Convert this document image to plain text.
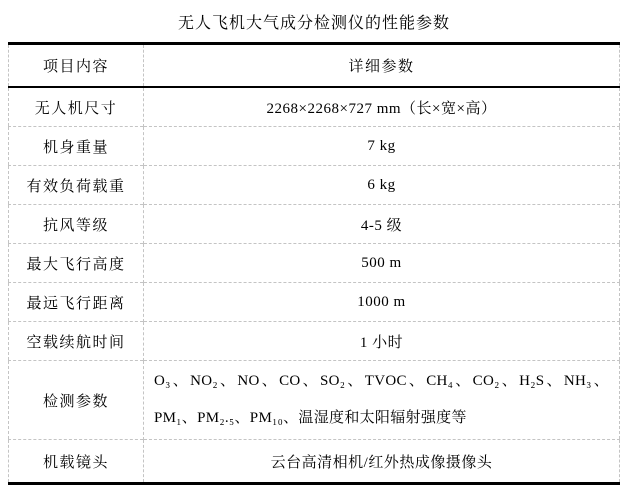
无人飞机大气成分检测仪的性能参数
项目内容	详细参数
无人机尺寸	2268×2268×727 mm（长×宽×高）
机身重量	7 kg
有效负荷载重	6 kg
抗风等级	4-5 级
最大飞行高度	500 m
最远飞行距离	1000 m
空载续航时间	1 小时
检测参数	O₃、NO₂、NO、CO、SO₂、TVOC、CH₄、CO₂、H₂S、NH₃、PM₁、PM₂.₅、PM₁₀、温湿度和太阳辐射强度等
机载镜头	云台高清相机/红外热成像摄像头
